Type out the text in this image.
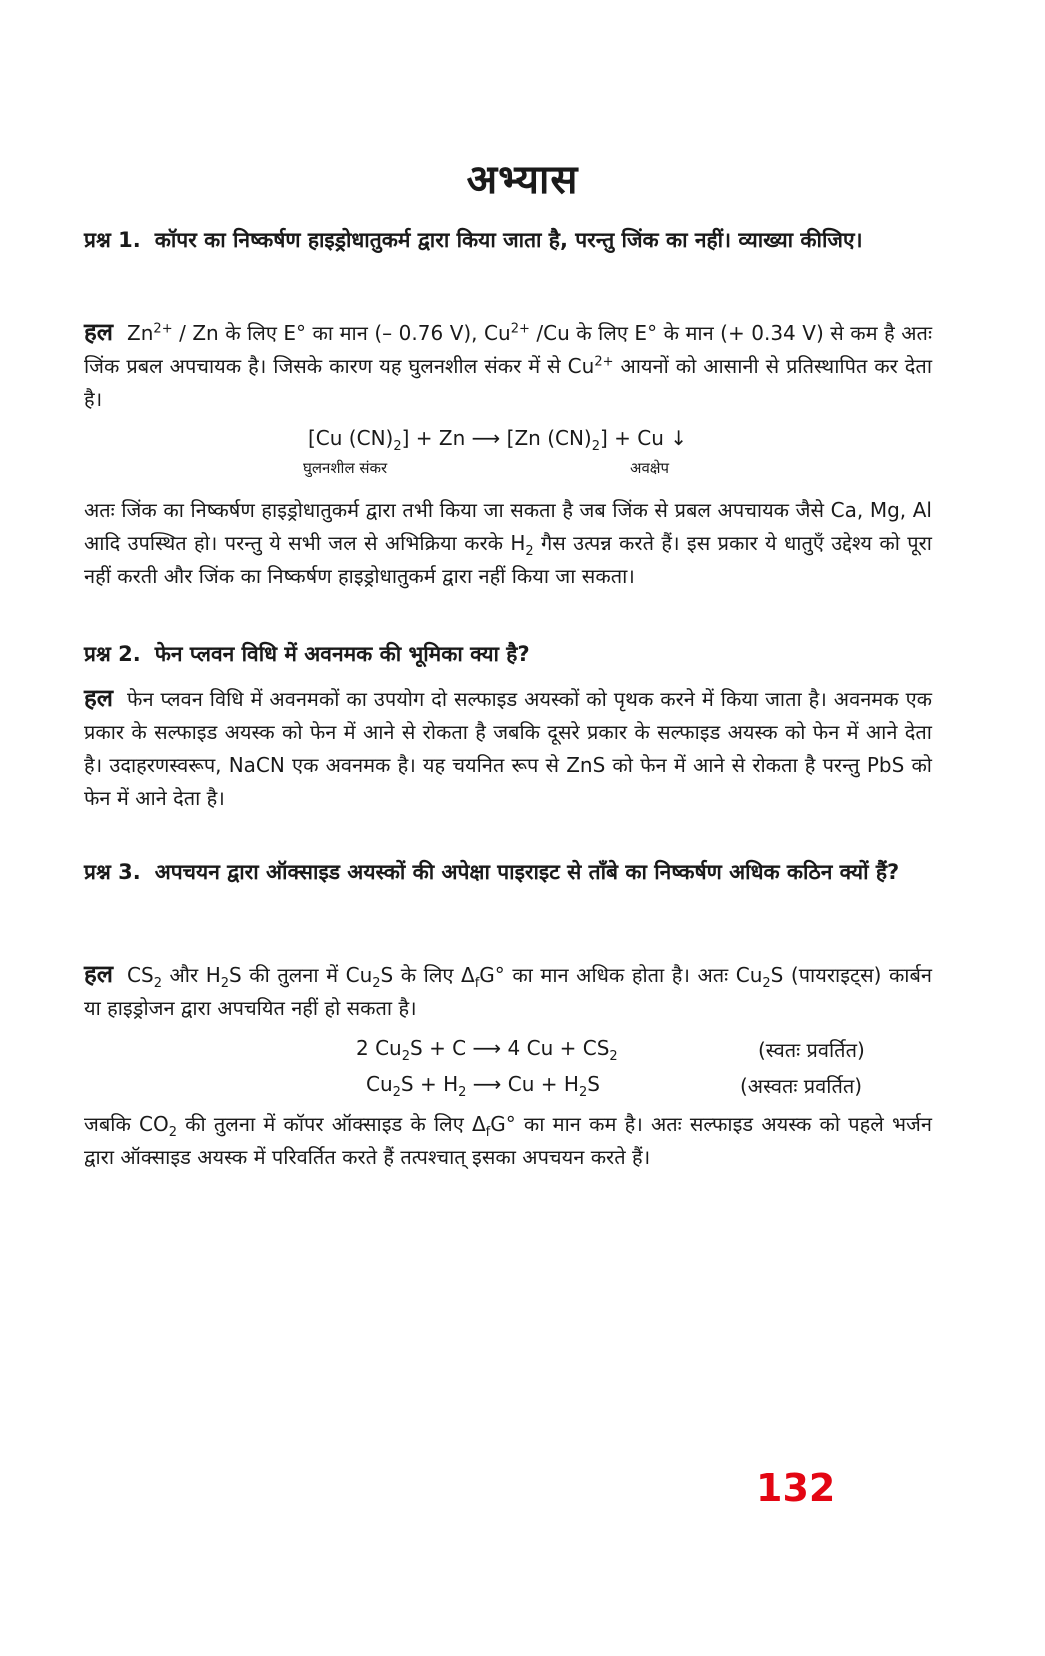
अभ्यास
प्रश्न 1. कॉपर का निष्कर्षण हाइड्रोधातुकर्म द्वारा किया जाता है, परन्तु जिंक का नहीं। व्याख्या कीजिए।
हल $Zn^{2+}$ / Zn के लिए E° का मान (– 0.76 V), $Cu^{2+}$ /Cu के लिए E° के मान (+ 0.34 V) से कम है अतः जिंक प्रबल अपचायक है। जिसके कारण यह घुलनशील संकर में से $Cu^{2+}$ आयनों को आसानी से प्रतिस्थापित कर देता है।
[Cu $(CN)_2] + Zn$ ⟶ [Zn $(CN)_2] + Cu$ ↓
घुलनशील संकर	अवक्षेप
अतः जिंक का निष्कर्षण हाइड्रोधातुकर्म द्वारा तभी किया जा सकता है जब जिंक से प्रबल अपचायक जैसे Ca, Mg, Al आदि उपस्थित हो। परन्तु ये सभी जल से अभिक्रिया करके $H_2$ गैस उत्पन्न करते हैं। इस प्रकार ये धातुएँ उद्देश्य को पूरा नहीं करती और जिंक का निष्कर्षण हाइड्रोधातुकर्म द्वारा नहीं किया जा सकता।
प्रश्न 2. फेन प्लवन विधि में अवनमक की भूमिका क्या है?
हल फेन प्लवन विधि में अवनमकों का उपयोग दो सल्फाइड अयस्कों को पृथक करने में किया जाता है। अवनमक एक प्रकार के सल्फाइड अयस्क को फेन में आने से रोकता है जबकि दूसरे प्रकार के सल्फाइड अयस्क को फेन में आने देता है। उदाहरणस्वरूप, NaCN एक अवनमक है। यह चयनित रूप से ZnS को फेन में आने से रोकता है परन्तु PbS को फेन में आने देता है।
प्रश्न 3. अपचयन द्वारा ऑक्साइड अयस्कों की अपेक्षा पाइराइट से ताँबे का निष्कर्षण अधिक कठिन क्यों हैं?
हल $CS_2$ और $H_2S$ की तुलना में $Cu_2S$ के लिए $\Delta_fG^\circ$ का मान अधिक होता है। अतः $Cu_2S$ (पायराइट्स) कार्बन या हाइड्रोजन द्वारा अपचयित नहीं हो सकता है।
2 $Cu_2S + C$ ⟶ 4 $Cu + CS_2$	(स्वतः प्रवर्तित)
$Cu_2S + H_2$ ⟶ $Cu + H_2S$	(अस्वतः प्रवर्तित)
जबकि $CO_2$ की तुलना में कॉपर ऑक्साइड के लिए $\Delta_fG^\circ$ का मान कम है। अतः सल्फाइड अयस्क को पहले भर्जन द्वारा ऑक्साइड अयस्क में परिवर्तित करते हैं तत्पश्चात् इसका अपचयन करते हैं।
132
